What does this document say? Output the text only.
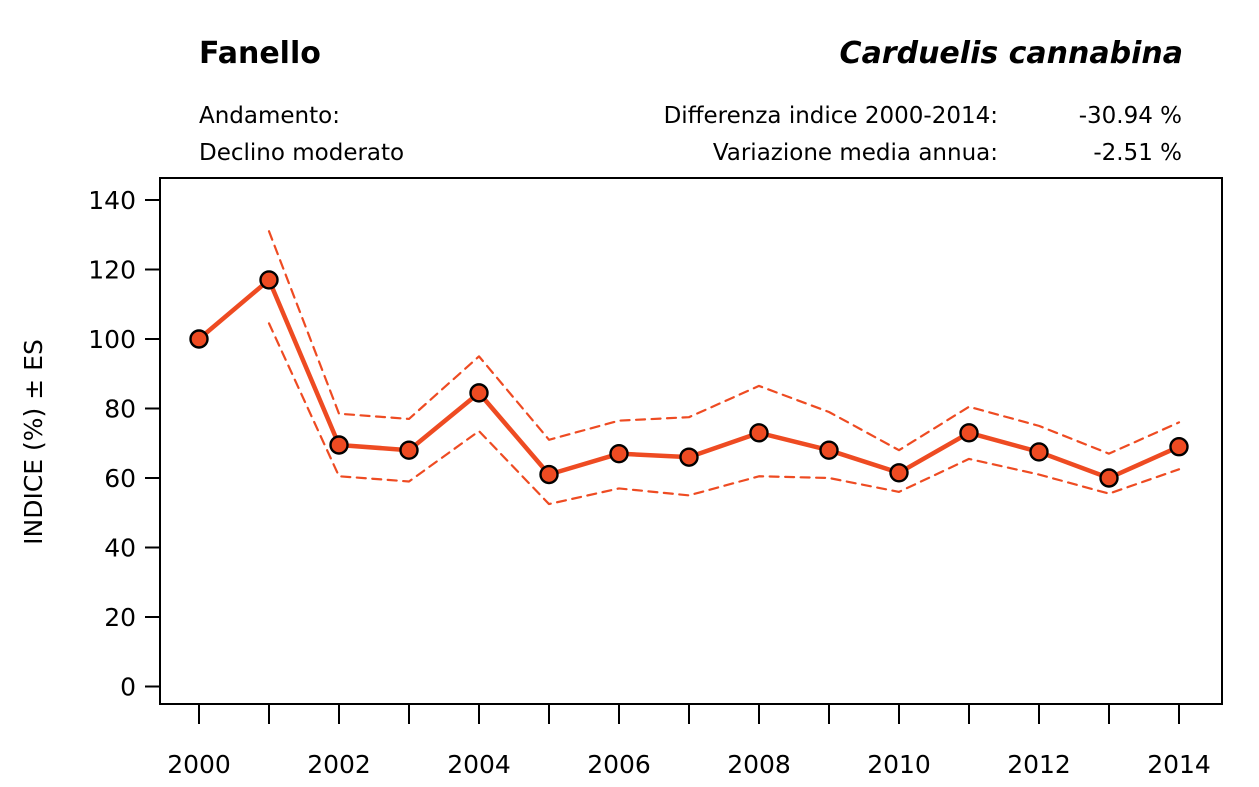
Fanello	Carduelis cannabina
Andamento:
Declino moderato
Differenza indice 2000-2014:	-30.94 %
Variazione media annua:	-2.51 %
INDICE (%) ± ES
0
20
40
60
80
100
120
140
2000	2002	2004	2006	2008	2010	2012	2014
